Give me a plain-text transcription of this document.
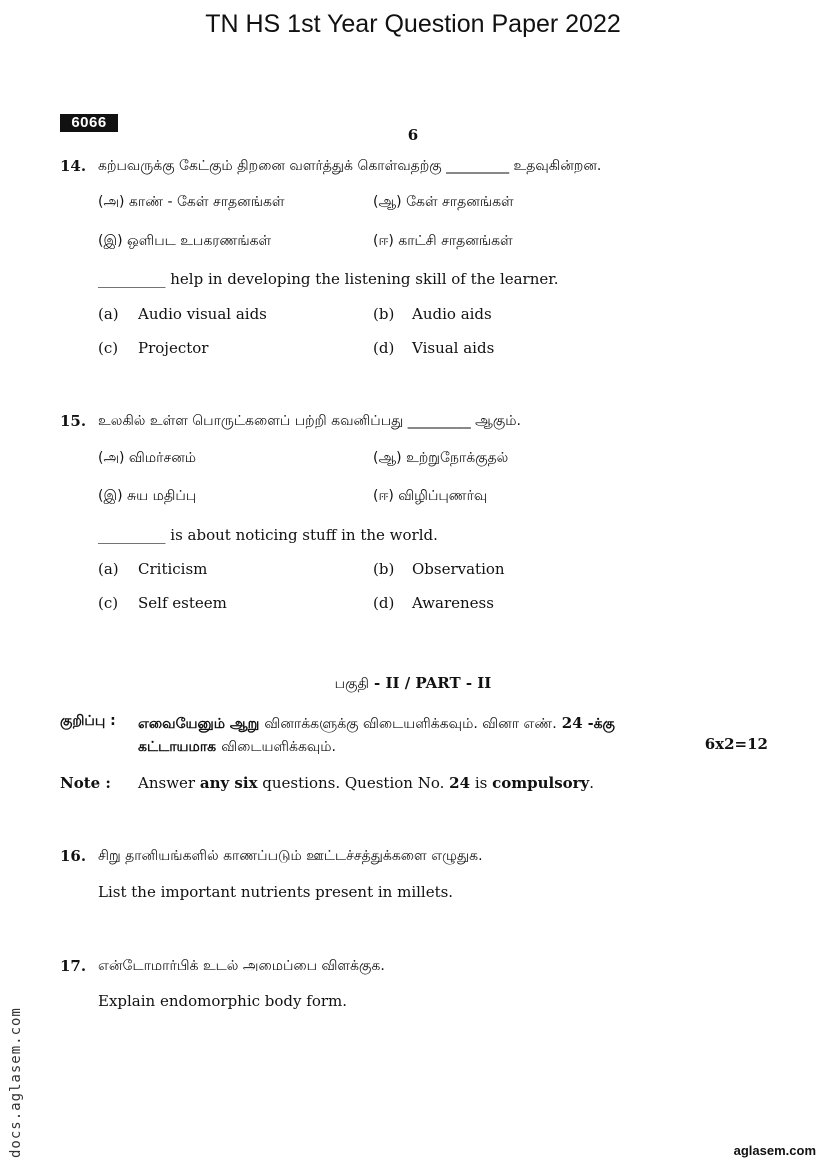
TN HS 1st Year Question Paper 2022
6066
6
14. கற்பவருக்கு கேட்கும் திறனை வளர்த்துக் கொள்வதற்கு _________ உதவுகின்றன.
(அ) காண் - கேள் சாதனங்கள்	(ஆ) கேள் சாதனங்கள்
(இ) ஒளிபட உபகரணங்கள்	(ஈ) காட்சி சாதனங்கள்
_________ help in developing the listening skill of the learner.
(a) Audio visual aids	(b) Audio aids
(c) Projector	(d) Visual aids
15. உலகில் உள்ள பொருட்களைப் பற்றி கவனிப்பது _________ ஆகும்.
(அ) விமர்சனம்	(ஆ) உற்றுநோக்குதல்
(இ) சுய மதிப்பு	(ஈ) விழிப்புணர்வு
_________ is about noticing stuff in the world.
(a) Criticism	(b) Observation
(c) Self esteem	(d) Awareness
பகுதி - II / PART - II
குறிப்பு : எவையேனும் ஆறு வினாக்களுக்கு விடையளிக்கவும். வினா எண். 24 -க்கு
கட்டாயமாக விடையளிக்கவும்.	6x2=12
Note : Answer any six questions. Question No. 24 is compulsory.
16. சிறு தானியங்களில் காணப்படும் ஊட்டச்சத்துக்களை எழுதுக.
List the important nutrients present in millets.
17. என்டோமார்பிக் உடல் அமைப்பை விளக்குக.
Explain endomorphic body form.
docs.aglasem.com	aglasem.com
